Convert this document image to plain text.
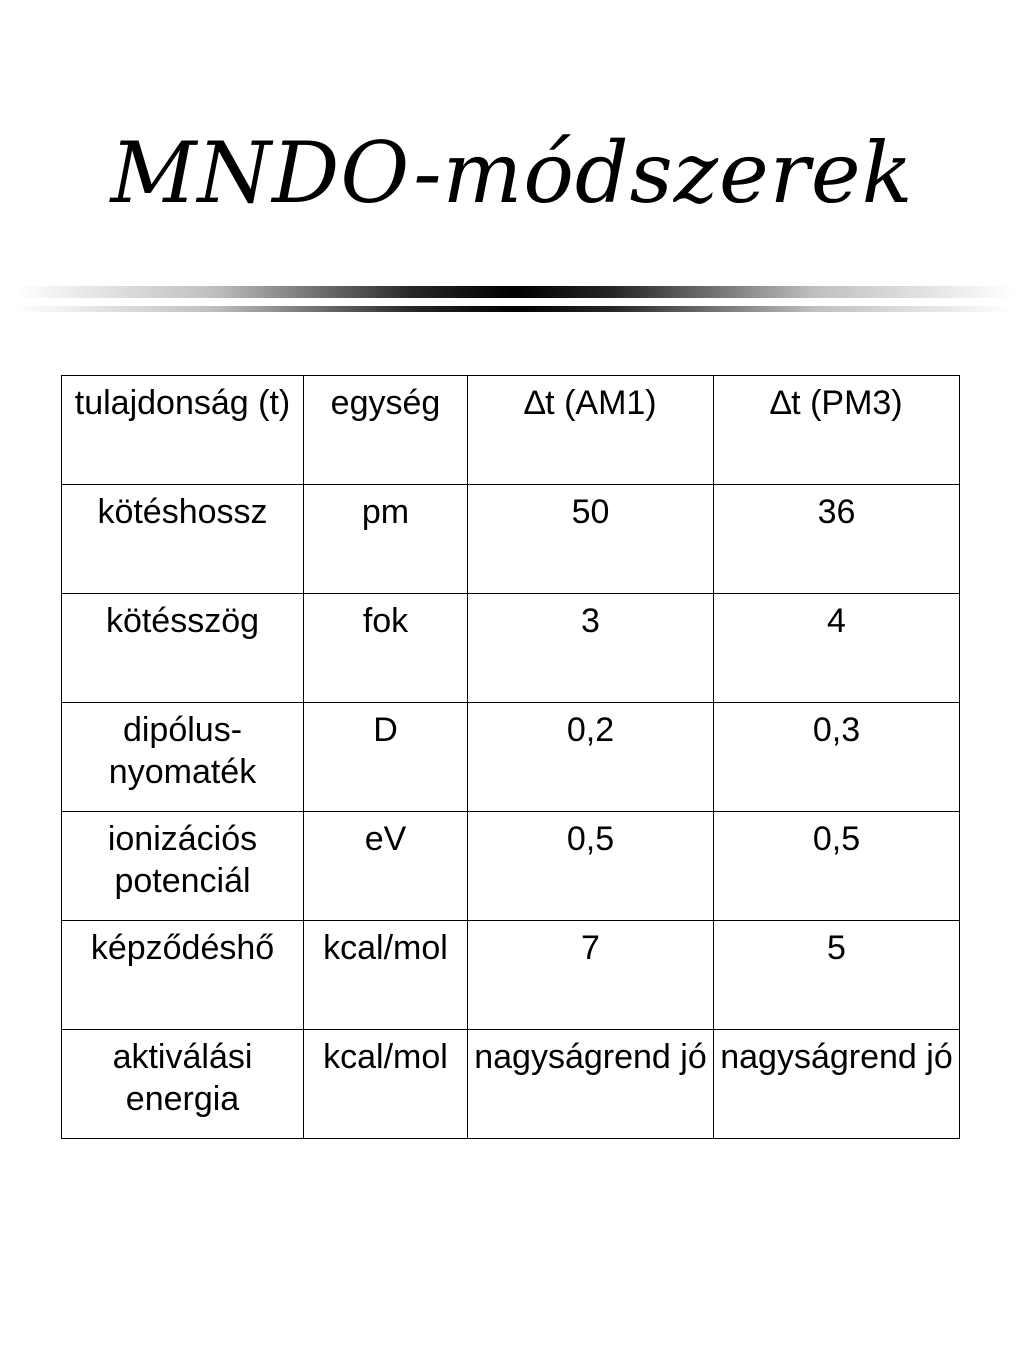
MNDO-módszerek
tulajdonság (t)	egység	∆t (AM1)	∆t (PM3)
kötéshossz	pm	50	36
kötésszög	fok	3	4
dipólus-nyomaték	D	0,2	0,3
ionizációs potenciál	eV	0,5	0,5
képződéshő	kcal/mol	7	5
aktiválási energia	kcal/mol	nagyságrend jó	nagyságrend jó
